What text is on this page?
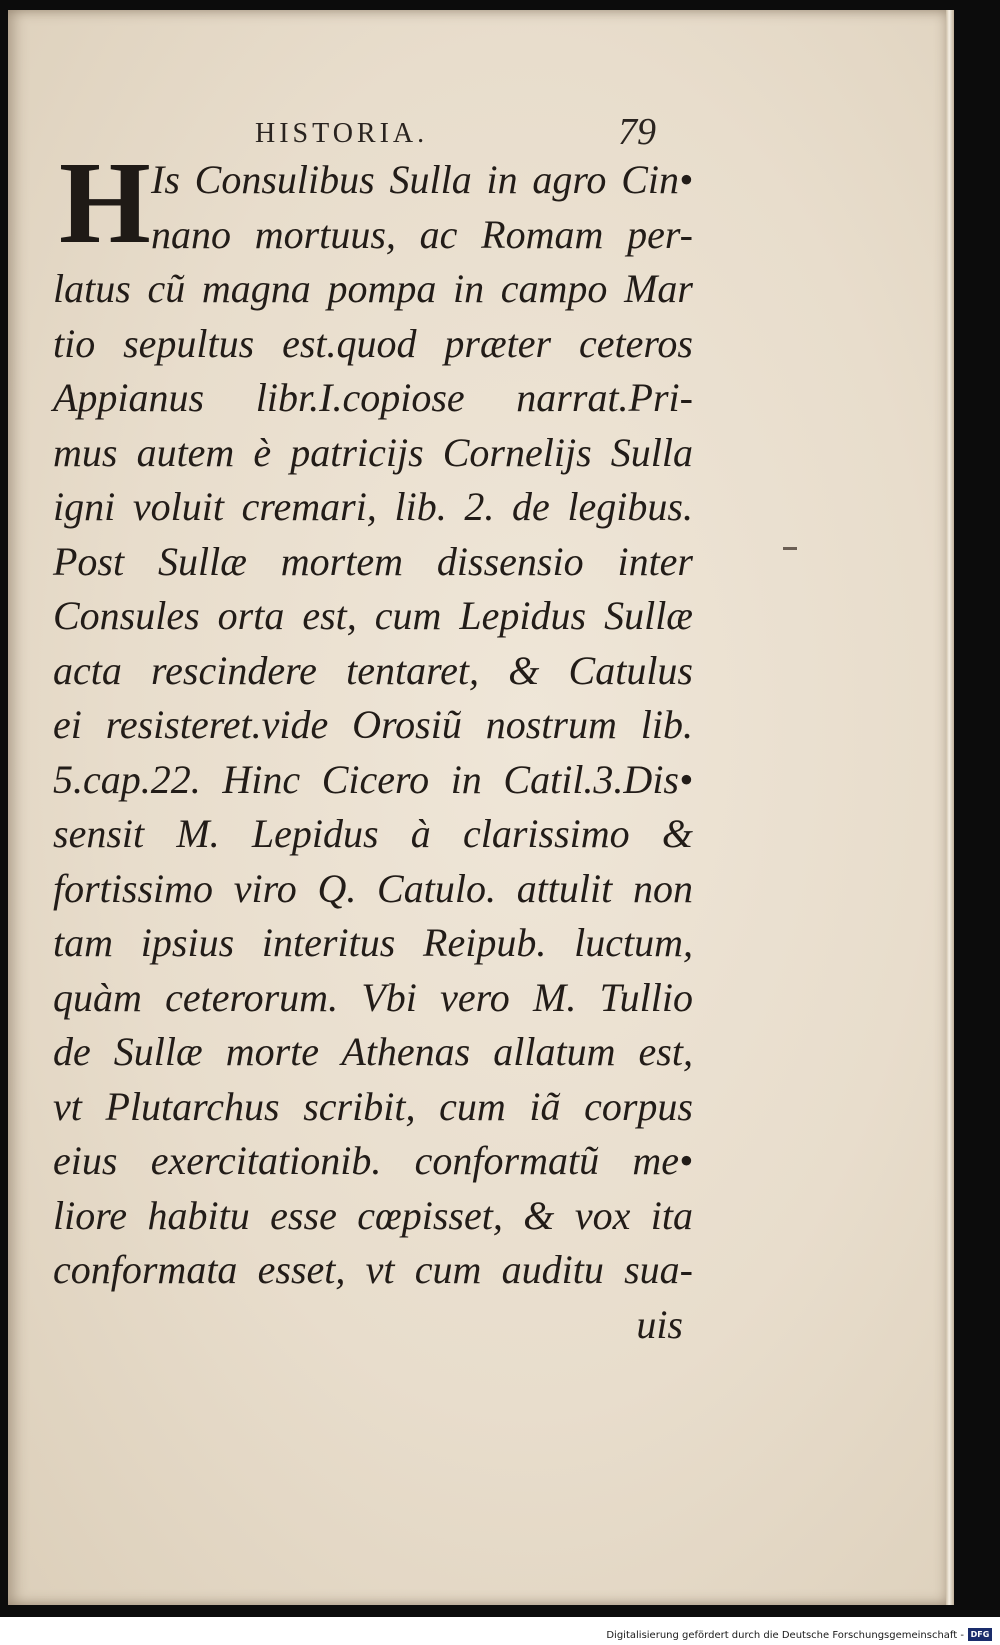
HISTORIA.	79
H Is Consulibus Sulla in agro Cin•
nano mortuus, ac Romam per-
latus cũ magna pompa in campo Mar
tio sepultus est.quod præter ceteros
Appianus libr.I.copiose narrat.Pri-
mus autem è patricijs Cornelijs Sulla
igni voluit cremari, lib. 2. de legibus.
Post Sullæ mortem dissensio inter
Consules orta est, cum Lepidus Sullæ
acta rescindere tentaret, & Catulus
ei resisteret.vide Orosiũ nostrum lib.
5.cap.22. Hinc Cicero in Catil.3.Dis•
sensit M. Lepidus à clarissimo &
fortissimo viro Q. Catulo. attulit non
tam ipsius interitus Reipub. luctum,
quàm ceterorum. Vbi vero M. Tullio
de Sullæ morte Athenas allatum est,
vt Plutarchus scribit, cum iã corpus
eius exercitationib. conformatũ me•
liore habitu esse cœpisset, & vox ita
conformata esset, vt cum auditu sua-
uis
Digitalisierung gefördert durch die Deutsche Forschungsgemeinschaft - DFG
